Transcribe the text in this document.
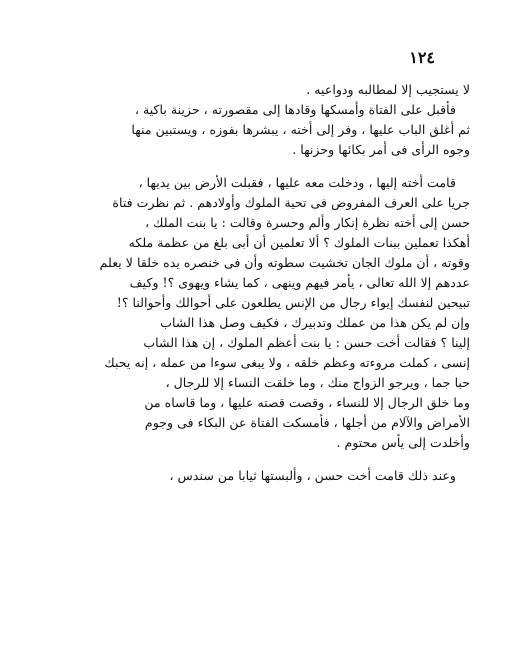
١٢٤
لا يستجيب إلا لمطالبه ودواعيه .
فأقبل على الفتاة وأمسكها وقادها إلى مقصورته ، حزينة باكية ،
ثم أغلق الباب عليها ، وفر إلى أخته ، يبشرها بفوزه ، ويستبين منها
وجوه الرأى فى أمر بكائها وحزنها .
قامت أخته إليها ، ودخلت معه عليها ، فقبلت الأرض بين يديها ،
جريا على العرف المفروض فى تحية الملوك وأولادهم . ثم نظرت فتاة
حسن إلى أخته نظرة إنكار وألم وحسرة وقالت : يا بنت الملك ،
أهكذا تعملين ببنات الملوك ؟ ألا تعلمين أن أبى بلغ من عظمة ملكه
وقوته ، أن ملوك الجان تخشيت سطوته وأن فى خنصره يده خلقا لا يعلم
عددهم إلا الله تعالى ، يأمر فيهم وينهى ، كما يشاء ويهوى ؟! وكيف
تبيحين لنفسك إيواء رجال من الإنس يطلعون على أحوالك وأحوالنا ؟!
وإن لم يكن هذا من عملك وتدبيرك ، فكيف وصل هذا الشاب
إلينا ؟ فقالت أخت حسن : يا بنت أعظم الملوك ، إن هذا الشاب
إنسى ، كملت مروءته وعظم خلقه ، ولا يبغى سوءا من عمله ، إنه يحبك
حبا جما ، ويرجو الزواج منك ، وما خلقت النساء إلا للرجال ،
وما خلق الرجال إلا للنساء ، وقصت قصته عليها ، وما قاساه من
الأمراض والآلام من أجلها ، فأمسكت الفتاة عن البكاء فى وجوم
وأخلدت إلى يأس محتوم .
وعند ذلك قامت أخت حسن ، وألبستها ثيابا من سندس ،
